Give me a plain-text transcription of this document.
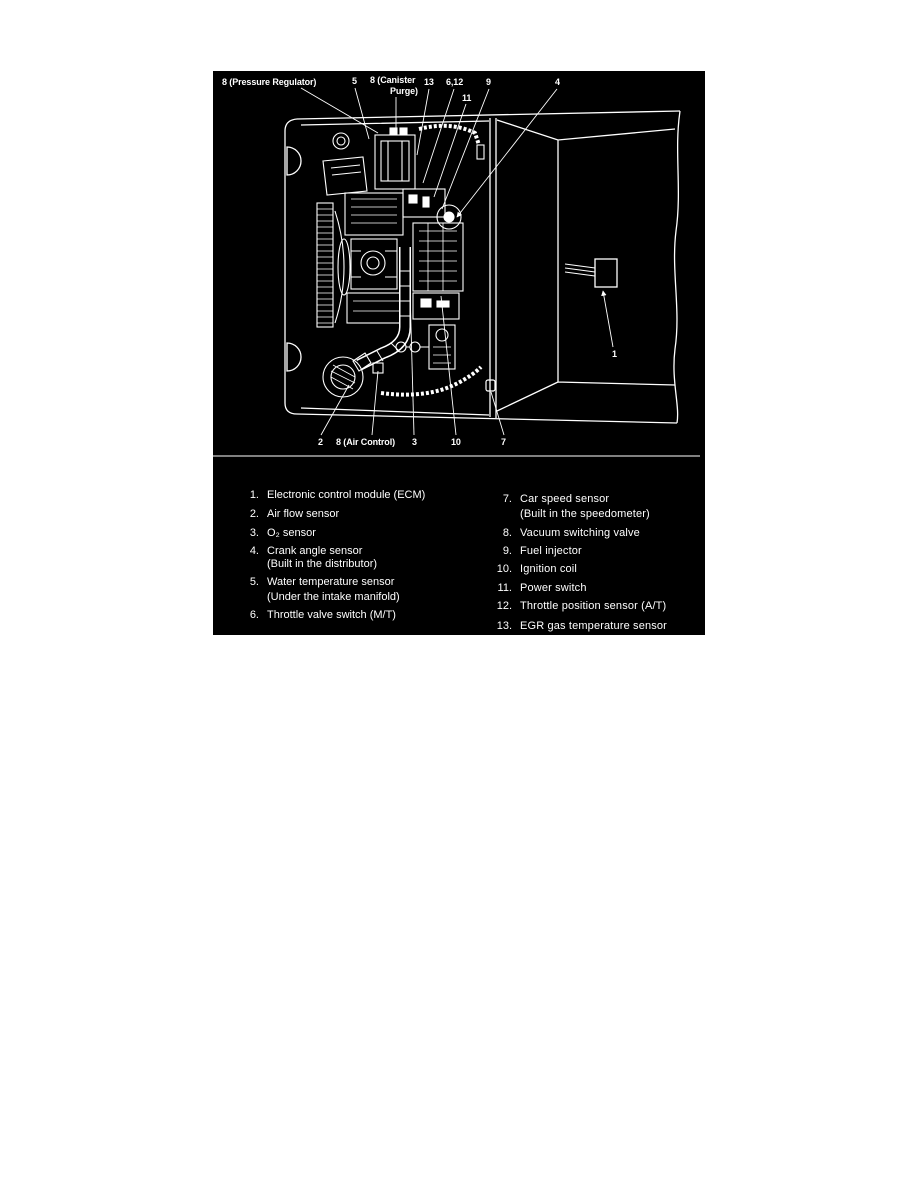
8 (Pressure Regulator)	5 8 (Canister
Purge)
13 6,12	9
11
4
1
2 8 (Air Control) 3	10	7
1. Electronic control module (ECM)
2. Air flow sensor
3. O₂ sensor
4. Crank angle sensor
(Built in the distributor)
5. Water temperature sensor
(Under the intake manifold)
6. Throttle valve switch (M/T)
7. Car speed sensor
(Built in the speedometer)
8. Vacuum switching valve
9. Fuel injector
10. Ignition coil
11. Power switch
12. Throttle position sensor (A/T)
13. EGR gas temperature sensor
